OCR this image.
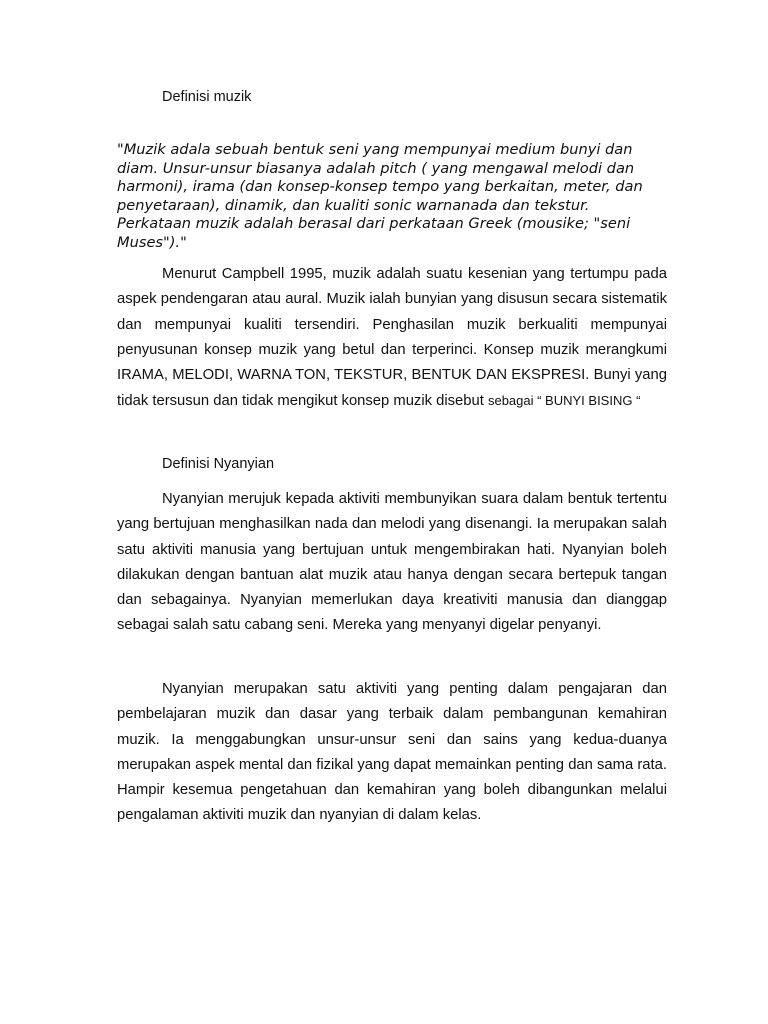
Definisi muzik

"Muzik adala sebuah bentuk seni yang mempunyai medium bunyi dan diam. Unsur-unsur biasanya adalah pitch ( yang mengawal melodi dan harmoni), irama (dan konsep-konsep tempo yang berkaitan, meter, dan penyetaraan), dinamik, dan kualiti sonic warnanada dan tekstur. Perkataan muzik adalah berasal dari perkataan Greek (mousike; "seni Muses")."

Menurut Campbell 1995, muzik adalah suatu kesenian yang tertumpu pada aspek pendengaran atau aural. Muzik ialah bunyian yang disusun secara sistematik dan mempunyai kualiti tersendiri. Penghasilan muzik berkualiti mempunyai penyusunan konsep muzik yang betul dan terperinci. Konsep muzik merangkumi IRAMA, MELODI, WARNA TON, TEKSTUR, BENTUK DAN EKSPRESI. Bunyi yang tidak tersusun dan tidak mengikut konsep muzik disebut sebagai “ BUNYI BISING “

Definisi Nyanyian

Nyanyian merujuk kepada aktiviti membunyikan suara dalam bentuk tertentu yang bertujuan menghasilkan nada dan melodi yang disenangi. Ia merupakan salah satu aktiviti manusia yang bertujuan untuk mengembirakan hati. Nyanyian boleh dilakukan dengan bantuan alat muzik atau hanya dengan secara bertepuk tangan dan sebagainya. Nyanyian memerlukan daya kreativiti manusia dan dianggap sebagai salah satu cabang seni. Mereka yang menyanyi digelar penyanyi.

Nyanyian merupakan satu aktiviti yang penting dalam pengajaran dan pembelajaran muzik dan dasar yang terbaik dalam pembangunan kemahiran muzik. Ia menggabungkan unsur-unsur seni dan sains yang kedua-duanya merupakan aspek mental dan fizikal yang dapat memainkan penting dan sama rata. Hampir kesemua pengetahuan dan kemahiran yang boleh dibangunkan melalui pengalaman aktiviti muzik dan nyanyian di dalam kelas.
